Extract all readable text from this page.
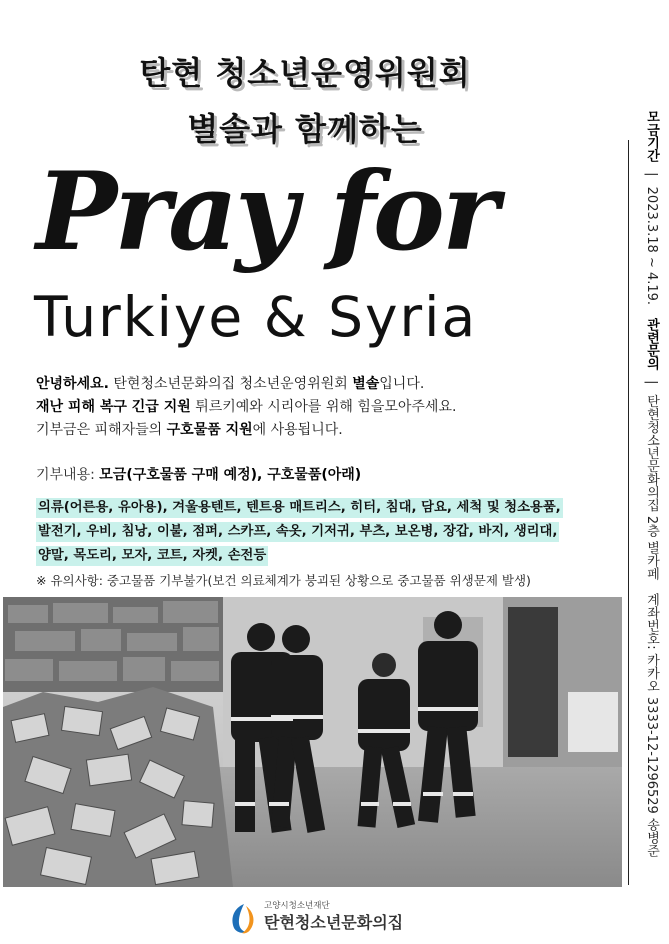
탄현 청소년운영위원회
별솔과 함께하는
Pray for
Turkiye & Syria
안녕하세요. 탄현청소년문화의집 청소년운영위원회 별솔입니다.
재난 피해 복구 긴급 지원 튀르키예와 시리아를 위해 힘을모아주세요.
기부금은 피해자들의 구호물품 지원에 사용됩니다.
기부내용: 모금(구호물품 구매 예정), 구호물품(아래)
의류(어른용, 유아용), 겨울용텐트, 텐트용 매트리스, 히터, 침대, 담요, 세척 및 청소용품,
발전기, 우비, 침낭, 이불, 점퍼, 스카프, 속옷, 기저귀, 부츠, 보온병, 장갑, 바지, 생리대,
양말, 목도리, 모자, 코트, 자켓, 손전등
※ 유의사항: 중고물품 기부불가(보건 의료체계가 붕괴된 상황으로 중고물품 위생문제 발생)
고양시청소년재단
탄현청소년문화의집
모금기간 | 2023.3.18 ~ 4.19.　관련문의 | 탄현청소년문화의집 2층 별카페　계좌번호: 카카오 3333-12-1296529 송병준
